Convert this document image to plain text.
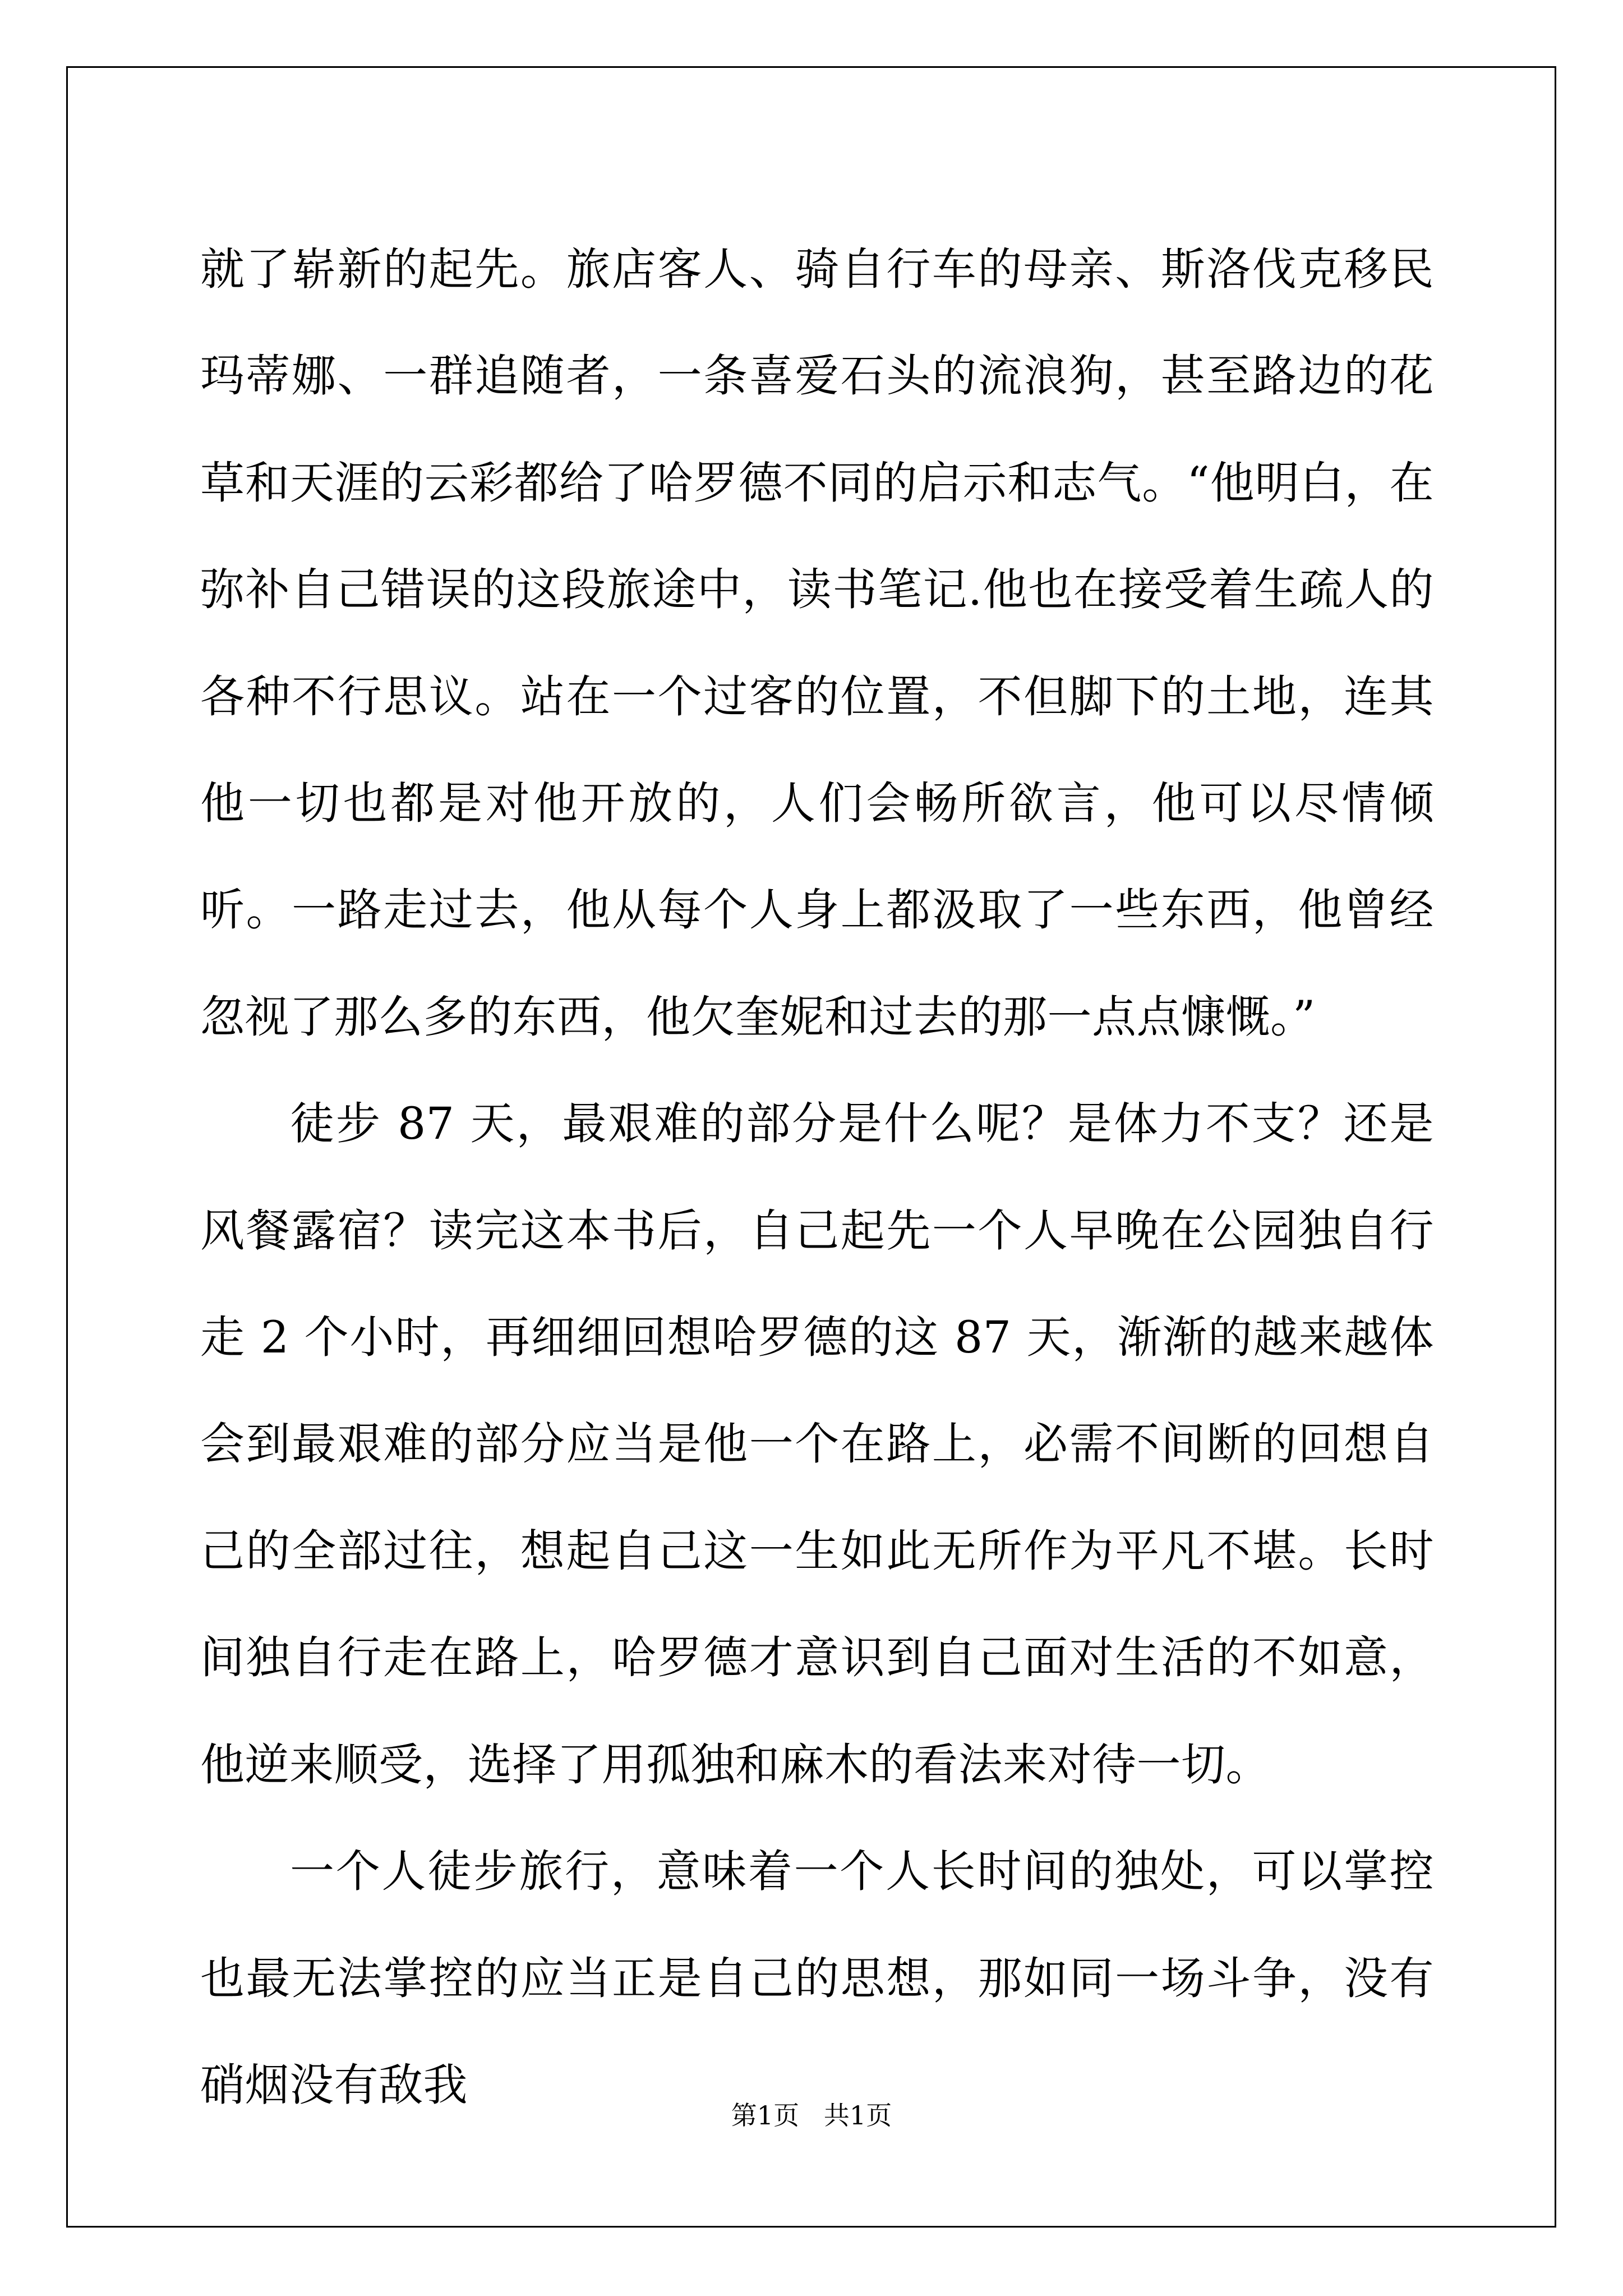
就了崭新的起先。旅店客人、骑自行车的母亲、斯洛伐克移民玛蒂娜、一群追随者，一条喜爱石头的流浪狗，甚至路边的花草和天涯的云彩都给了哈罗德不同的启示和志气。“他明白，在弥补自己错误的这段旅途中，读书笔记.他也在接受着生疏人的各种不行思议。站在一个过客的位置，不但脚下的土地，连其他一切也都是对他开放的，人们会畅所欲言，他可以尽情倾听。一路走过去，他从每个人身上都汲取了一些东西，他曾经忽视了那么多的东西，他欠奎妮和过去的那一点点慷慨。”

徒步 87 天，最艰难的部分是什么呢？是体力不支？还是风餐露宿？读完这本书后，自己起先一个人早晚在公园独自行走 2 个小时，再细细回想哈罗德的这 87 天，渐渐的越来越体会到最艰难的部分应当是他一个在路上，必需不间断的回想自己的全部过往，想起自己这一生如此无所作为平凡不堪。长时间独自行走在路上，哈罗德才意识到自己面对生活的不如意，他逆来顺受，选择了用孤独和麻木的看法来对待一切。

一个人徒步旅行，意味着一个人长时间的独处，可以掌控也最无法掌控的应当正是自己的思想，那如同一场斗争，没有硝烟没有敌我

第1页   共1页
